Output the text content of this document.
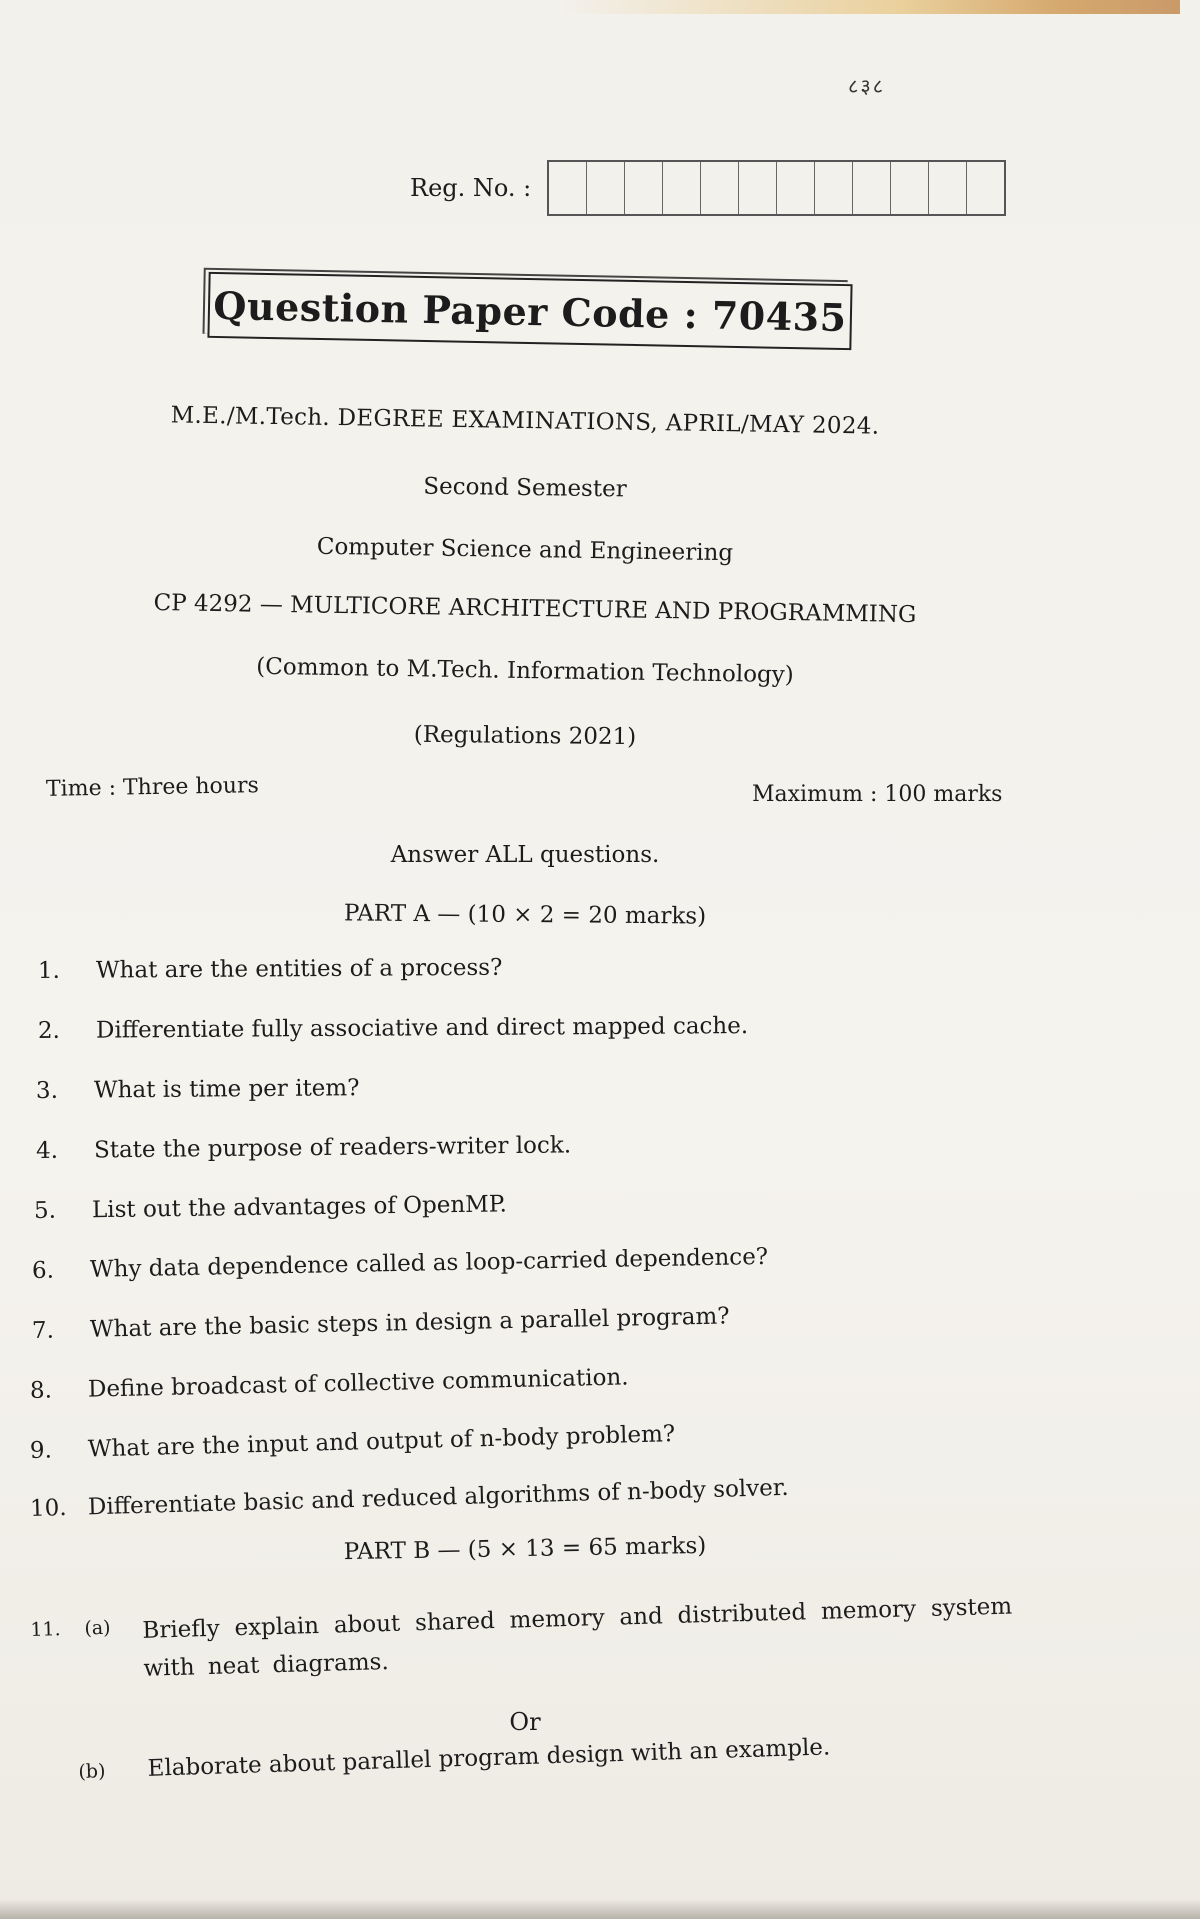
८३८
Reg. No. :
Question Paper Code : 70435
M.E./M.Tech. DEGREE EXAMINATIONS, APRIL/MAY 2024.
Second Semester
Computer Science and Engineering
CP 4292 — MULTICORE ARCHITECTURE AND PROGRAMMING
(Common to M.Tech. Information Technology)
(Regulations 2021)
Time : Three hours	Maximum : 100 marks
Answer ALL questions.
PART A — (10 × 2 = 20 marks)
1.	What are the entities of a process?
2.	Differentiate fully associative and direct mapped cache.
3.	What is time per item?
4.	State the purpose of readers-writer lock.
5.	List out the advantages of OpenMP.
6.	Why data dependence called as loop-carried dependence?
7.	What are the basic steps in design a parallel program?
8.	Define broadcast of collective communication.
9.	What are the input and output of n-body problem?
10. Differentiate basic and reduced algorithms of n-body solver.
PART B — (5 × 13 = 65 marks)
11. (a) Briefly explain about shared memory and distributed memory system with neat diagrams.
Or
(b) Elaborate about parallel program design with an example.
